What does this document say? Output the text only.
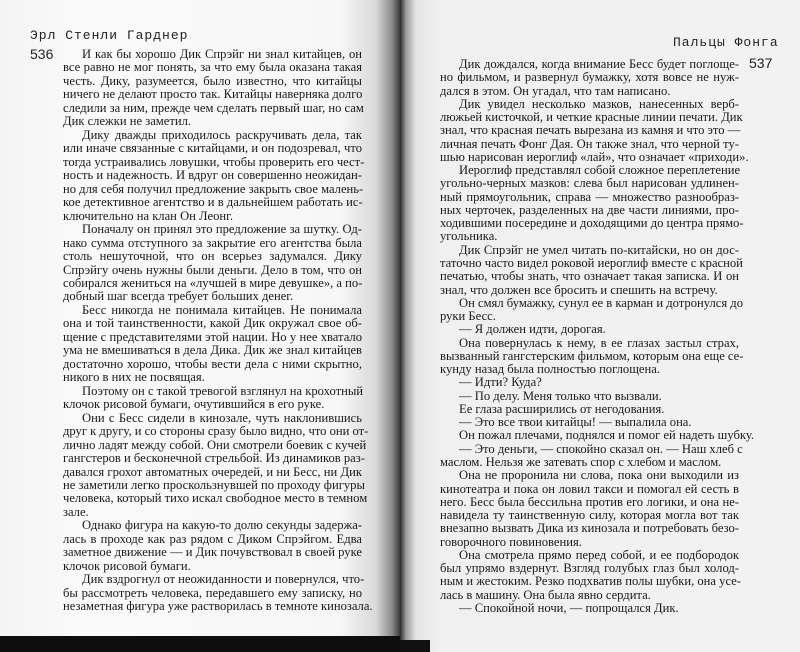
Эрл Стенли Гарднер
536
Пальцы Фонга
537
И как бы хорошо Дик Спрэйг ни знал китайцев, он
все равно не мог понять, за что ему была оказана такая
честь. Дику, разумеется, было известно, что китайцы
ничего не делают просто так. Китайцы наверняка долго
следили за ним, прежде чем сделать первый шаг, но сам
Дик слежки не заметил.
Дику дважды приходилось раскручивать дела, так
или иначе связанные с китайцами, и он подозревал, что
тогда устраивались ловушки, чтобы проверить его чест-
ность и надежность. И вдруг он совершенно неожидан-
но для себя получил предложение закрыть свое малень-
кое детективное агентство и в дальнейшем работать ис-
ключительно на клан Он Леонг.
Поначалу он принял это предложение за шутку. Од-
нако сумма отступного за закрытие его агентства была
столь нешуточной, что он всерьез задумался. Дику
Спрэйгу очень нужны были деньги. Дело в том, что он
собирался жениться на «лучшей в мире девушке», а по-
добный шаг всегда требует больших денег.
Бесс никогда не понимала китайцев. Не понимала
она и той таинственности, какой Дик окружал свое об-
щение с представителями этой нации. Но у нее хватало
ума не вмешиваться в дела Дика. Дик же знал китайцев
достаточно хорошо, чтобы вести дела с ними скрытно,
никого в них не посвящая.
Поэтому он с такой тревогой взглянул на крохотный
клочок рисовой бумаги, очутившийся в его руке.
Они с Бесс сидели в кинозале, чуть наклонившись
друг к другу, и со стороны сразу было видно, что они от-
лично ладят между собой. Они смотрели боевик с кучей
гангстеров и бесконечной стрельбой. Из динамиков раз-
давался грохот автоматных очередей, и ни Бесс, ни Дик
не заметили легко проскользнувшей по проходу фигуры
человека, который тихо искал свободное место в темном
зале.
Однако фигура на какую-то долю секунды задержа-
лась в проходе как раз рядом с Диком Спрэйгом. Едва
заметное движение — и Дик почувствовал в своей руке
клочок рисовой бумаги.
Дик вздрогнул от неожиданности и повернулся, что-
бы рассмотреть человека, передавшего ему записку, но
незаметная фигура уже растворилась в темноте кинозала.
Дик дождался, когда внимание Бесс будет поглоще-
но фильмом, и развернул бумажку, хотя вовсе не нуж-
дался в этом. Он угадал, что там написано.
Дик увидел несколько мазков, нанесенных верб-
люжьей кисточкой, и четкие красные линии печати. Дик
знал, что красная печать вырезана из камня и что это —
личная печать Фонг Дая. Он также знал, что черной ту-
шью нарисован иероглиф «лай», что означает «приходи».
Иероглиф представлял собой сложное переплетение
угольно-черных мазков: слева был нарисован удлинен-
ный прямоугольник, справа — множество разнообраз-
ных черточек, разделенных на две части линиями, про-
ходившими посередине и доходящими до центра прямо-
угольника.
Дик Спрэйг не умел читать по-китайски, но он дос-
таточно часто видел роковой иероглиф вместе с красной
печатью, чтобы знать, что означает такая записка. И он
знал, что должен все бросить и спешить на встречу.
Он смял бумажку, сунул ее в карман и дотронулся до
руки Бесс.
— Я должен идти, дорогая.
Она повернулась к нему, в ее глазах застыл страх,
вызванный гангстерским фильмом, которым она еще се-
кунду назад была полностью поглощена.
— Идти? Куда?
— По делу. Меня только что вызвали.
Ее глаза расширились от негодования.
— Это все твои китайцы! — выпалила она.
Он пожал плечами, поднялся и помог ей надеть шубку.
— Это деньги, — спокойно сказал он. — Наш хлеб с
маслом. Нельзя же затевать спор с хлебом и маслом.
Она не проронила ни слова, пока они выходили из
кинотеатра и пока он ловил такси и помогал ей сесть в
него. Бесс была бессильна против его логики, и она не-
навидела ту таинственную силу, которая могла вот так
внезапно вызвать Дика из кинозала и потребовать безо-
говорочного повиновения.
Она смотрела прямо перед собой, и ее подбородок
был упрямо вздернут. Взгляд голубых глаз был холод-
ным и жестоким. Резко подхватив полы шубки, она усе-
лась в машину. Она была явно сердита.
— Спокойной ночи, — попрощался Дик.
